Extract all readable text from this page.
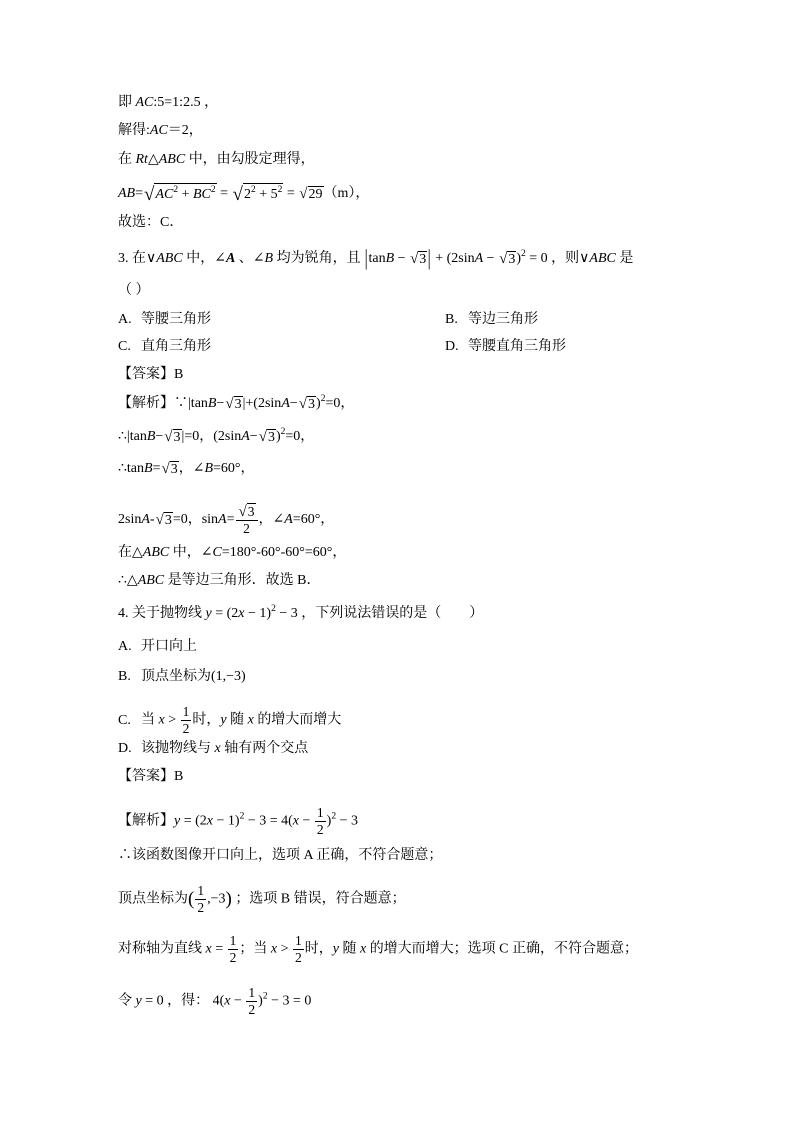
即 AC:5=1:2.5 ，
解得:AC＝2，
在 Rt△ABC 中，由勾股定理得，
$AB=√AC^2 + BC^2 = √2^2 + 5^2 = √29(m)$，
故选：C．
3. 在∨ABC 中，∠A 、∠B 均为锐角，且 $|\tan B - √3| + (2\sin A - √3)^2 = 0$ ，则∨ABC 是
（ ）
A. 等腰三角形	B. 等边三角形
C. 直角三角形	D. 等腰直角三角形
【答案】B
【解析】$\because|\tan B-√3|+(2\sin A-√3)^2=0$，
∴|tanB−√3|=0，$(2\sin A-√3)^2=0$，
∴tanB=√3，∠B=60°，
2sinA-√3=0，$\sin A= \frac{√3}{2}$ ，∠A=60°，
在△ABC 中，∠C=180°-60°-60°=60°，
∴△ABC 是等边三角形．故选 B．
4. 关于抛物线 $y = (2x - 1)^2 - 3$ ，下列说法错误的是（　　）
A. 开口向上
B. 顶点坐标为(1,−3)
C. 当 $x > \frac{1}{2}$ 时，y 随 x 的增大而增大
D. 该抛物线与 x 轴有两个交点
【答案】B
【解析】$y = (2x - 1)^2 - 3 = 4(x - \frac{1}{2} )^2 - 3$
∴该函数图像开口向上，选项 A 正确，不符合题意；
顶点坐标为( $\frac{1}{2} ,-3$) ；选项 B 错误，符合题意；
对称轴为直线 $x = \frac{1}{2}$ ；当 $x > \frac{1}{2}$ 时，y 随 x 的增大而增大；选项 C 正确，不符合题意；
令 y = 0 ，得： $4(x - \frac{1}{2} )^2 - 3 = 0$
